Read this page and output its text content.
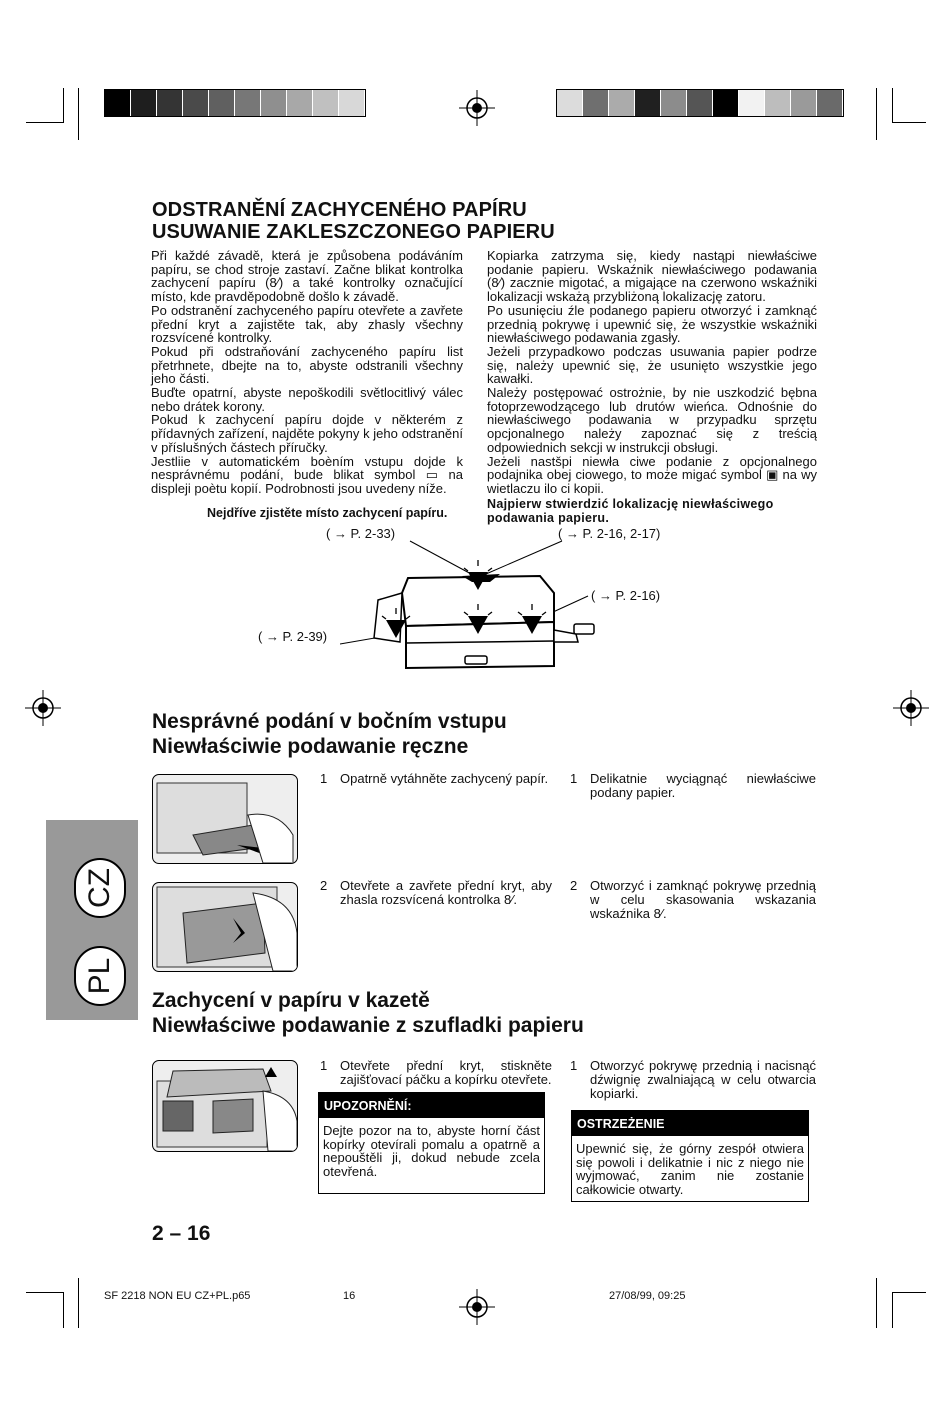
ODSTRANĚNÍ ZACHYCENÉHO PAPÍRU
USUWANIE ZAKLESZCZONEGO PAPIERU

Při každé závadě, která je způsobena podáváním papíru, se chod stroje zastaví. Začne blikat kontrolka zachycení papíru (8∕) a také kontrolky označující místo, kde pravděpodobně došlo k závadě.

Po odstranění zachyceného papíru otevřete a zavřete přední kryt a zajistěte tak, aby zhasly všechny rozsvícené kontrolky.

Pokud při odstraňování zachyceného papíru list přetrhnete, dbejte na to, abyste odstranili všechny jeho části.

Buďte opatrní, abyste nepoškodili světlocitlivý válec nebo drátek korony.

Pokud k zachycení papíru dojde v některém z přídavných zařízení, najděte pokyny k jeho odstranění v příslušných částech příručky.

Jestliie v automatickém boèním vstupu dojde k nesprávnému podání, bude blikat symbol ▭ na displeji poètu kopií. Podrobnosti jsou uvedeny níže.

Nejdříve zjistěte místo zachycení papíru.

Kopiarka zatrzyma się, kiedy nastąpi niewłaściwe podanie papieru. Wskaźnik niewłaściwego podawania (8∕) zacznie migotać, a migające na czerwono wskaźniki lokalizacji wskażą przybliżoną lokalizację zatoru.

Po usunięciu źle podanego papieru otworzyć i zamknąć przednią pokrywę i upewnić się, że wszystkie wskaźniki niewłaściwego podawania zgasły.

Jeżeli przypadkowo podczas usuwania papier podrze się, należy upewnić się, że usunięto wszystkie jego kawałki.

Należy postępować ostrożnie, by nie uszkodzić bębna fotoprzewodzącego lub drutów wieńca. Odnośnie do niewłaściwego podawania w przypadku sprzętu opcjonalnego należy zapoznać się z treścią odpowiednich sekcji w instrukcji obsługi.

Jeżeli nastšpi niewła ciwe podanie z opcjonalnego podajnika obej ciowego, to może migać symbol ▣ na wy wietlaczu ilo ci kopii.

Najpierw stwierdzić lokalizację niewłaściwego podawania papieru.
( → P. 2-33)	( → P. 2-16, 2-17)
( → P. 2-16)
( → P. 2-39)
CZ
PL
Nesprávné podání v bočním vstupu
Niewłaściwie podawanie ręczne
1 Opatrně vytáhněte zachycený papír.	1 Delikatnie wyciągnąć niewłaściwe podany papier.
2 Otevřete a zavřete přední kryt, aby zhasla rozsvícená kontrolka 8∕.
2 Otworzyć i zamknąć pokrywę przednią w celu skasowania wskazania wskaźnika 8∕.
Zachycení v papíru v kazetě
Niewłaściwe podawanie z szufladki papieru
1 Otevřete přední kryt, stiskněte zajišťovací páčku a kopírku otevřete.
1 Otworzyć pokrywę przednią i nacisnąć dźwignię zwalniającą w celu otwarcia kopiarki.
UPOZORNĚNÍ:
Dejte pozor na to, abyste horní část kopírky otevírali pomalu a opatrně a nepouštěli ji, dokud nebude zcela otevřená.
OSTRZEŻENIE
Upewnić się, że górny zespół otwiera się powoli i delikatnie i nic z niego nie wyjmować, zanim nie zostanie całkowicie otwarty.
2 – 16
SF 2218 NON EU CZ+PL.p65	16	27/08/99, 09:25
